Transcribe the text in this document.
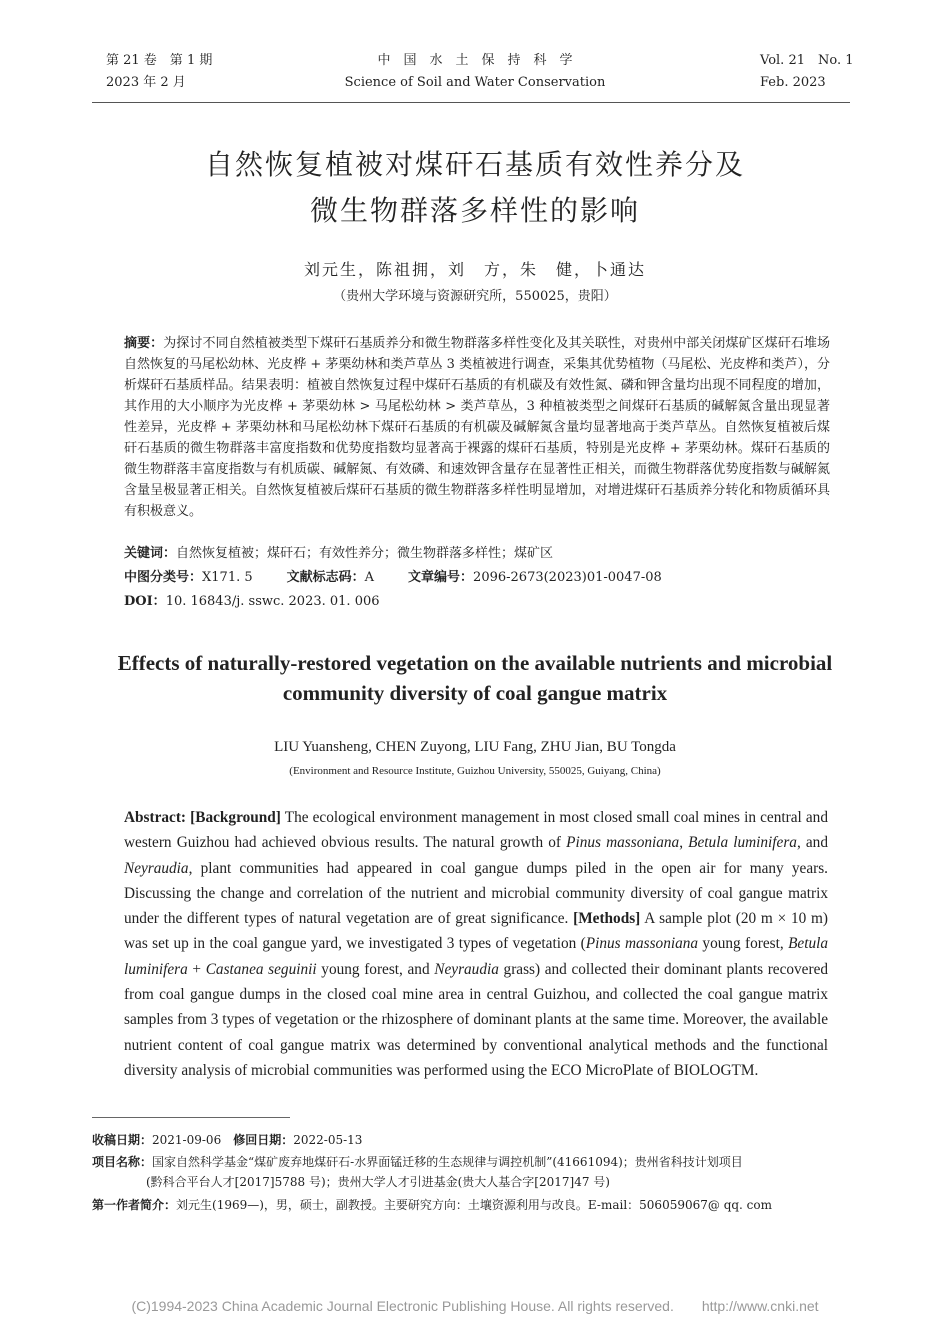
第 21 卷　第 1 期
2023 年 2 月
中　国　水　土　保　持　科　学
Science of Soil and Water Conservation
Vol. 21　No. 1
Feb. 2023
自然恢复植被对煤矸石基质有效性养分及
微生物群落多样性的影响
刘元生，陈祖拥，刘　方，朱　健，卜通达
（贵州大学环境与资源研究所，550025，贵阳）
摘要：为探讨不同自然植被类型下煤矸石基质养分和微生物群落多样性变化及其关联性，对贵州中部关闭煤矿区煤矸石堆场自然恢复的马尾松幼林、光皮桦 + 茅栗幼林和类芦草丛 3 类植被进行调查，采集其优势植物（马尾松、光皮桦和类芦），分析煤矸石基质样品。结果表明：植被自然恢复过程中煤矸石基质的有机碳及有效性氮、磷和钾含量均出现不同程度的增加，其作用的大小顺序为光皮桦 + 茅栗幼林 > 马尾松幼林 > 类芦草丛，3 种植被类型之间煤矸石基质的碱解氮含量出现显著性差异，光皮桦 + 茅栗幼林和马尾松幼林下煤矸石基质的有机碳及碱解氮含量均显著地高于类芦草丛。自然恢复植被后煤矸石基质的微生物群落丰富度指数和优势度指数均显著高于裸露的煤矸石基质，特别是光皮桦 + 茅栗幼林。煤矸石基质的微生物群落丰富度指数与有机质碳、碱解氮、有效磷、和速效钾含量存在显著性正相关，而微生物群落优势度指数与碱解氮含量呈极显著正相关。自然恢复植被后煤矸石基质的微生物群落多样性明显增加，对增进煤矸石基质养分转化和物质循环具有积极意义。
关键词：自然恢复植被；煤矸石；有效性养分；微生物群落多样性；煤矿区
中图分类号：X171. 5	文献标志码：A	文章编号：2096-2673(2023)01-0047-08
DOI：10. 16843/j. sswc. 2023. 01. 006
Effects of naturally-restored vegetation on the available nutrients and microbial community diversity of coal gangue matrix
LIU Yuansheng, CHEN Zuyong, LIU Fang, ZHU Jian, BU Tongda
(Environment and Resource Institute, Guizhou University, 550025, Guiyang, China)
Abstract: [Background] The ecological environment management in most closed small coal mines in central and western Guizhou had achieved obvious results. The natural growth of Pinus massoniana, Betula luminifera, and Neyraudia, plant communities had appeared in coal gangue dumps piled in the open air for many years. Discussing the change and correlation of the nutrient and microbial community diversity of coal gangue matrix under the different types of natural vegetation are of great significance. [Methods] A sample plot (20 m × 10 m) was set up in the coal gangue yard, we investigated 3 types of vegetation (Pinus massoniana young forest, Betula luminifera + Castanea seguinii young forest, and Neyraudia grass) and collected their dominant plants recovered from coal gangue dumps in the closed coal mine area in central Guizhou, and collected the coal gangue matrix samples from 3 types of vegetation or the rhizosphere of dominant plants at the same time. Moreover, the available nutrient content of coal gangue matrix was determined by conventional analytical methods and the functional diversity analysis of microbial communities was performed using the ECO MicroPlate of BIOLOGTM.
收稿日期：2021-09-06　 修回日期：2022-05-13
项目名称：国家自然科学基金“煤矿废弃地煤矸石-水界面锰迁移的生态规律与调控机制”(41661094)；贵州省科技计划项目
(黔科合平台人才[2017]5788 号)；贵州大学人才引进基金(贵大人基合字[2017]47 号)
第一作者简介：刘元生(1969—)，男，硕士，副教授。主要研究方向：土壤资源利用与改良。E-mail：506059067@ qq. com
(C)1994-2023 China Academic Journal Electronic Publishing House. All rights reserved.　　http://www.cnki.net
